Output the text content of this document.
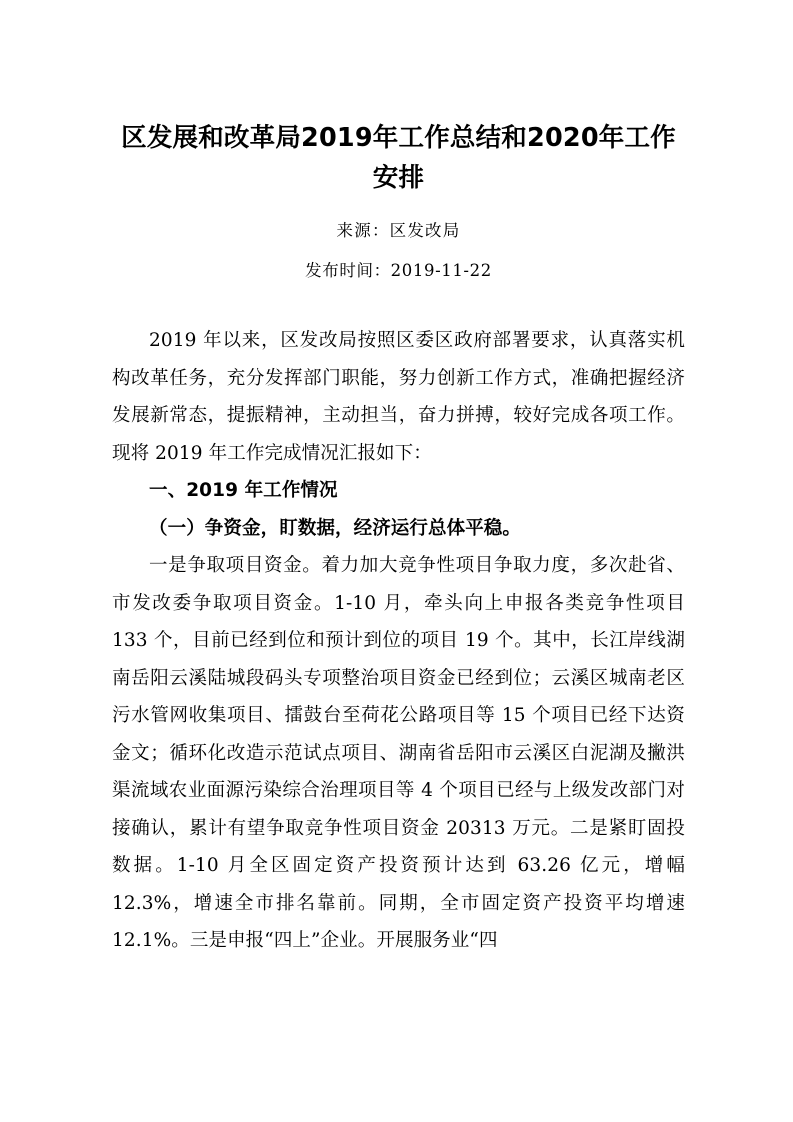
区发展和改革局2019年工作总结和2020年工作安排

来源：区发改局

发布时间：2019-11-22

2019 年以来，区发改局按照区委区政府部署要求，认真落实机构改革任务，充分发挥部门职能，努力创新工作方式，准确把握经济发展新常态，提振精神，主动担当，奋力拼搏，较好完成各项工作。现将 2019 年工作完成情况汇报如下：

一、2019 年工作情况

（一）争资金，盯数据，经济运行总体平稳。

一是争取项目资金。着力加大竞争性项目争取力度，多次赴省、市发改委争取项目资金。1-10 月，牵头向上申报各类竞争性项目 133 个，目前已经到位和预计到位的项目 19 个。其中，长江岸线湖南岳阳云溪陆城段码头专项整治项目资金已经到位；云溪区城南老区污水管网收集项目、擂鼓台至荷花公路项目等 15 个项目已经下达资金文；循环化改造示范试点项目、湖南省岳阳市云溪区白泥湖及撇洪渠流域农业面源污染综合治理项目等 4 个项目已经与上级发改部门对接确认，累计有望争取竞争性项目资金 20313 万元。二是紧盯固投数据。1-10 月全区固定资产投资预计达到 63.26 亿元，增幅 12.3%，增速全市排名靠前。同期，全市固定资产投资平均增速 12.1%。三是申报“四上”企业。开展服务业“四
